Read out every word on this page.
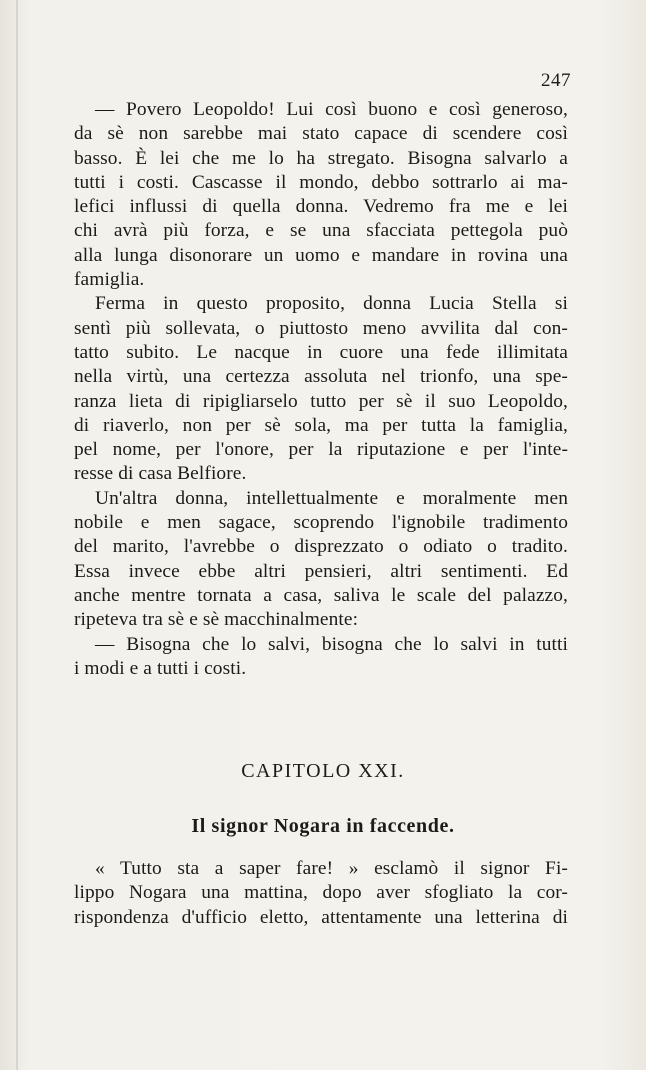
247
— Povero Leopoldo! Lui così buono e così generoso,
da sè non sarebbe mai stato capace di scendere così
basso. È lei che me lo ha stregato. Bisogna salvarlo a
tutti i costi. Cascasse il mondo, debbo sottrarlo ai ma-
lefici influssi di quella donna. Vedremo fra me e lei
chi avrà più forza, e se una sfacciata pettegola può
alla lunga disonorare un uomo e mandare in rovina una
famiglia.
Ferma in questo proposito, donna Lucia Stella si
sentì più sollevata, o piuttosto meno avvilita dal con-
tatto subito. Le nacque in cuore una fede illimitata
nella virtù, una certezza assoluta nel trionfo, una spe-
ranza lieta di ripigliarselo tutto per sè il suo Leopoldo,
di riaverlo, non per sè sola, ma per tutta la famiglia,
pel nome, per l'onore, per la riputazione e per l'inte-
resse di casa Belfiore.
Un'altra donna, intellettualmente e moralmente men
nobile e men sagace, scoprendo l'ignobile tradimento
del marito, l'avrebbe o disprezzato o odiato o tradito.
Essa invece ebbe altri pensieri, altri sentimenti. Ed
anche mentre tornata a casa, saliva le scale del palazzo,
ripeteva tra sè e sè macchinalmente:
— Bisogna che lo salvi, bisogna che lo salvi in tutti
i modi e a tutti i costi.
CAPITOLO XXI.
Il signor Nogara in faccende.
« Tutto sta a saper fare! » esclamò il signor Fi-
lippo Nogara una mattina, dopo aver sfogliato la cor-
rispondenza d'ufficio eletto, attentamente una letterina di
